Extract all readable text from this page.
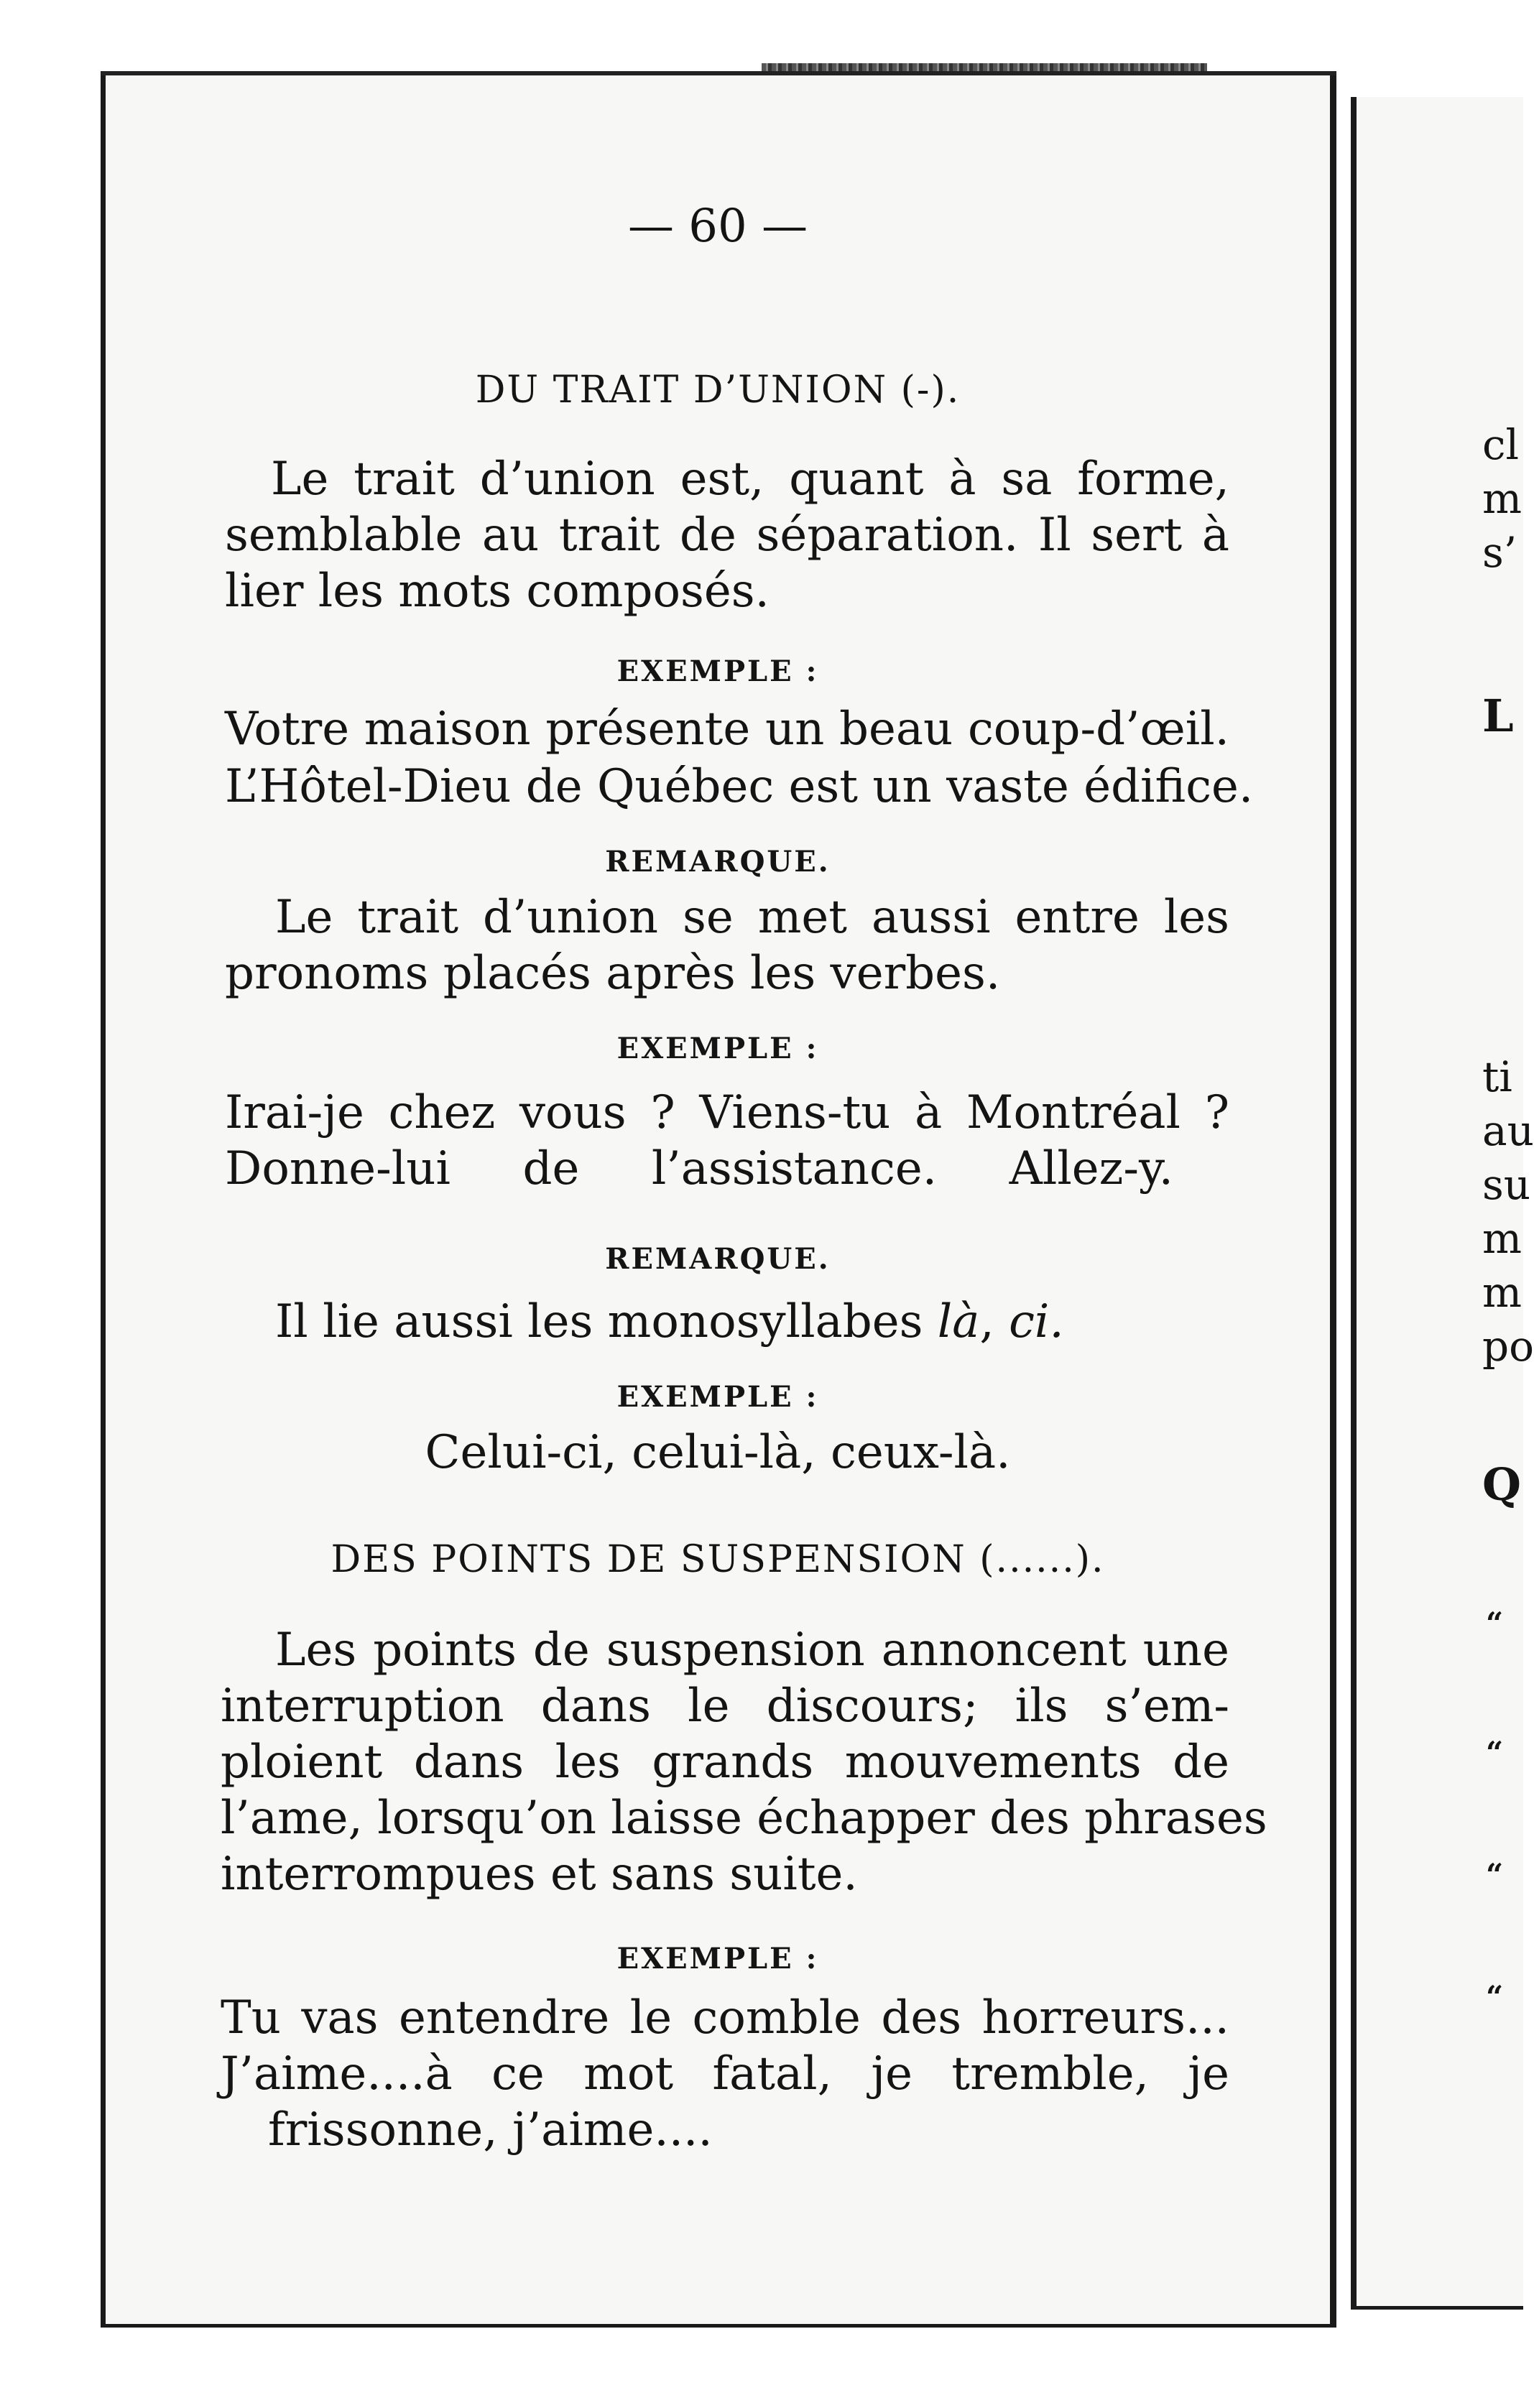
— 60 —
DU TRAIT D’UNION (-).
Le trait d’union est, quant à sa forme,
semblable au trait de séparation. Il sert à
lier les mots composés.
EXEMPLE :
Votre maison présente un beau coup-d’œil.
L’Hôtel-Dieu de Québec est un vaste édifice.
REMARQUE.
Le trait d’union se met aussi entre les
pronoms placés après les verbes.
EXEMPLE :
Irai-je chez vous ? Viens-tu à Montréal ?
Donne-lui de l’assistance. Allez-y.
REMARQUE.
Il lie aussi les monosyllabes là, ci.
EXEMPLE :
Celui-ci, celui-là, ceux-là.
DES POINTS DE SUSPENSION (......).
Les points de suspension annoncent une
interruption dans le discours; ils s’em-
ploient dans les grands mouvements de
l’ame, lorsqu’on laisse échapper des phrases
interrompues et sans suite.
EXEMPLE :
Tu vas entendre le comble des horreurs...
J’aime....à ce mot fatal, je tremble, je
frissonne, j’aime....
cl
m
s’
L
ti
au
su
m
m
po
Q
“
“
“
“
